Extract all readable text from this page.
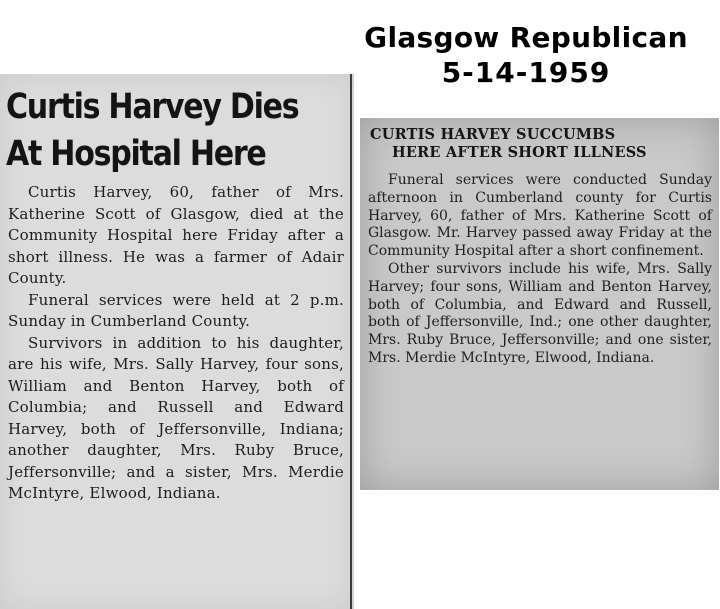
Curtis Harvey Dies
At Hospital Here

Curtis Harvey, 60, father of Mrs. Katherine Scott of Glasgow, died at the Community Hospital here Friday after a short illness. He was a farmer of Adair County.

Funeral services were held at 2 p.m. Sunday in Cumberland County.

Survivors in addition to his daughter, are his wife, Mrs. Sally Harvey, four sons, William and Benton Harvey, both of Columbia; and Russell and Edward Harvey, both of Jeffersonville, Indiana; another daughter, Mrs. Ruby Bruce, Jeffersonville; and a sister, Mrs. Merdie McIntyre, Elwood, Indiana.

Glasgow Republican
5-14-1959
CURTIS HARVEY SUCCUMBS
HERE AFTER SHORT ILLNESS

Funeral services were conducted Sunday afternoon in Cumberland county for Curtis Harvey, 60, father of Mrs. Katherine Scott of Glasgow. Mr. Harvey passed away Friday at the Community Hospital after a short confinement.

Other survivors include his wife, Mrs. Sally Harvey; four sons, William and Benton Harvey, both of Columbia, and Edward and Russell, both of Jeffersonville, Ind.; one other daughter, Mrs. Ruby Bruce, Jeffersonville; and one sister, Mrs. Merdie McIntyre, Elwood, Indiana.
